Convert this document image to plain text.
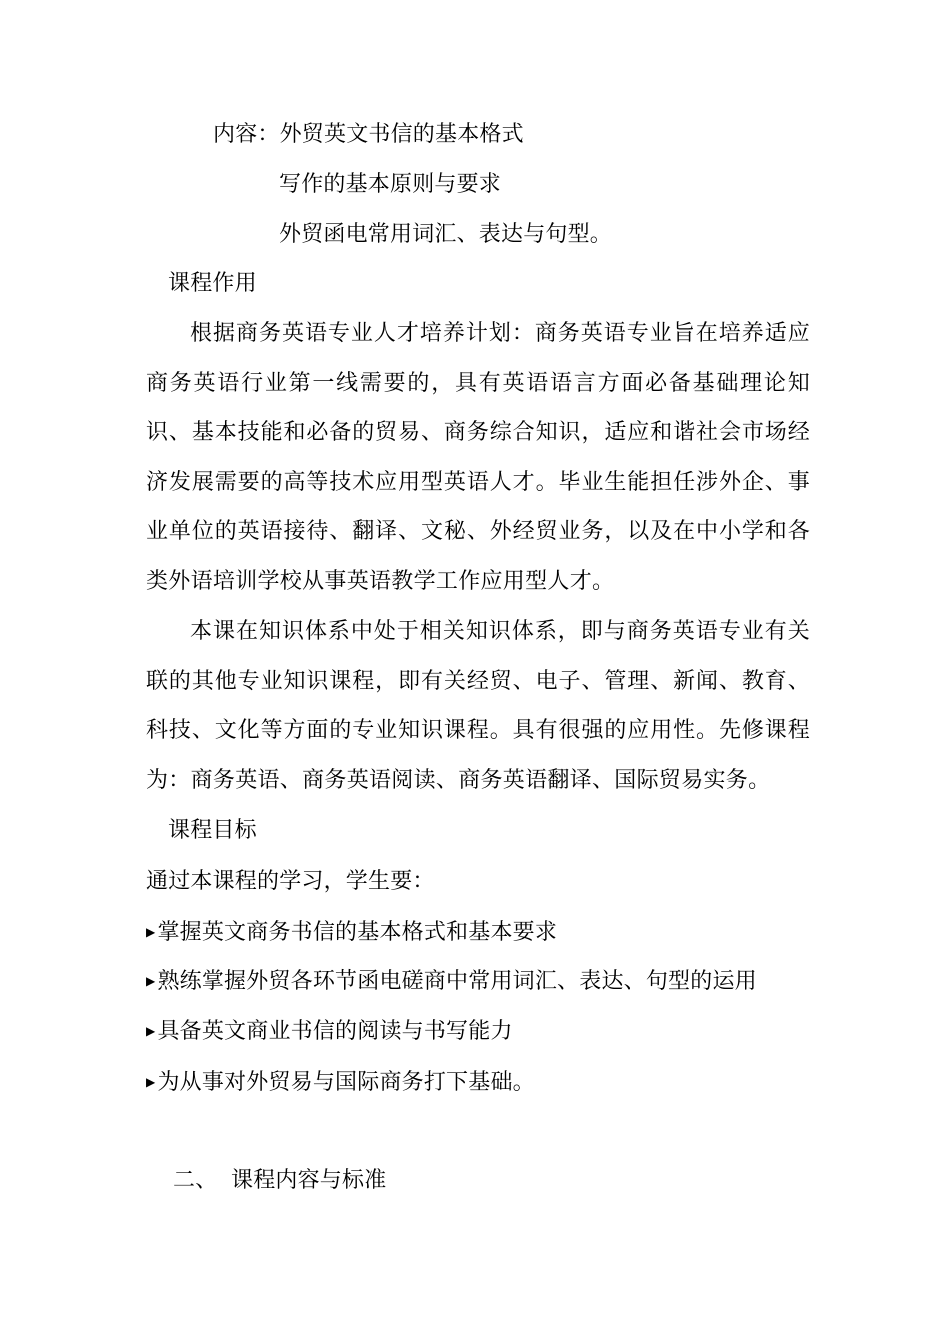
内容：外贸英文书信的基本格式
写作的基本原则与要求
外贸函电常用词汇、表达与句型。
课程作用
根据商务英语专业人才培养计划：商务英语专业旨在培养适应商务英语行业第一线需要的，具有英语语言方面必备基础理论知识、基本技能和必备的贸易、商务综合知识，适应和谐社会市场经济发展需要的高等技术应用型英语人才。毕业生能担任涉外企、事业单位的英语接待、翻译、文秘、外经贸业务，以及在中小学和各类外语培训学校从事英语教学工作应用型人才。
本课在知识体系中处于相关知识体系，即与商务英语专业有关联的其他专业知识课程，即有关经贸、电子、管理、新闻、教育、科技、文化等方面的专业知识课程。具有很强的应用性。先修课程为：商务英语、商务英语阅读、商务英语翻译、国际贸易实务。
课程目标
通过本课程的学习，学生要：
▶掌握英文商务书信的基本格式和基本要求
▶熟练掌握外贸各环节函电磋商中常用词汇、表达、句型的运用
▶具备英文商业书信的阅读与书写能力
▶为从事对外贸易与国际商务打下基础。
二、 课程内容与标准
